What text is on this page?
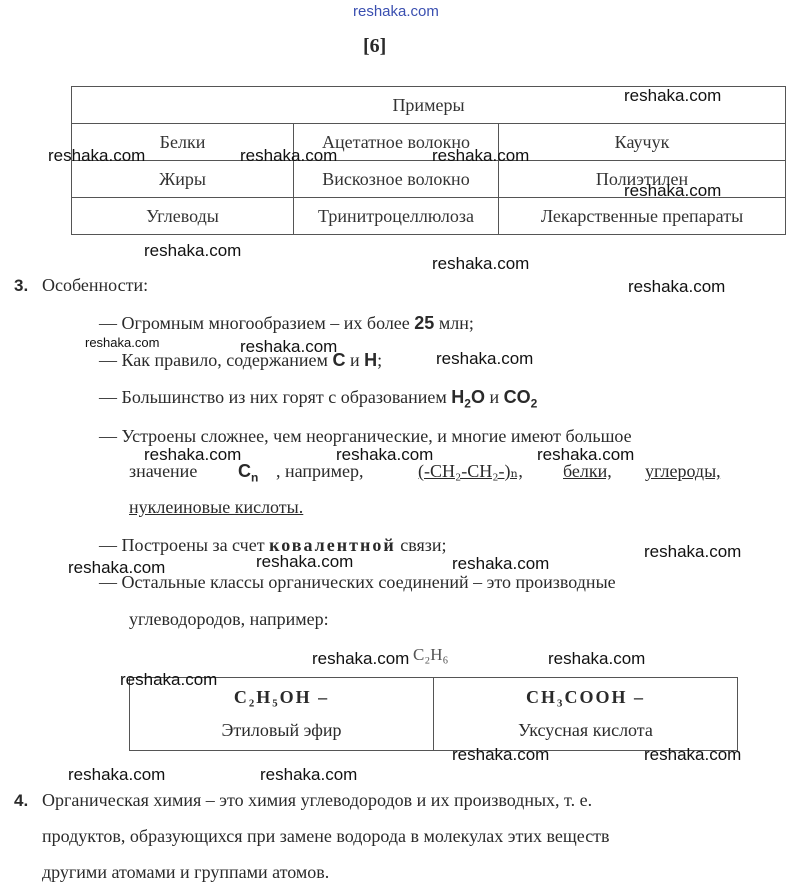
reshaka.com
[6]
Примеры		
Белки	Ацетатное волокно	Каучук
Жиры	Вискозное волокно	Полиэтилен
Углеводы	Тринитроцеллюлоза	Лекарственные препараты
3. Особенности:
— Огромным многообразием – их более 25 млн;
— Как правило, содержанием C и H;
— Большинство из них горят с образованием $H_2O$ и $CO_2$
— Устроены сложнее, чем неорганические, и многие имеют большое
значение $C_n$ , например,	(-CH₂-CH₂-)ₙ, белки, углероды,
нуклеиновые кислоты.
— Построены за счет ковалентной связи;
— Остальные классы органических соединений – это производные
углеводородов, например:
C₂H₆
C₂H₅OH –
Этиловый эфир	
CH₃COOH –
Уксусная кислота
4. Органическая химия – это химия углеводородов и их производных, т. е.
продуктов, образующихся при замене водорода в молекулах этих веществ
другими атомами и группами атомов.
reshaka.com
reshaka.com	reshaka.com	reshaka.com
reshaka.com
reshaka.com
reshaka.com
reshaka.com
reshaka.com	reshaka.com
reshaka.com
reshaka.com	reshaka.com	reshaka.com
reshaka.com
reshaka.com	reshaka.com	reshaka.com
reshaka.com	reshaka.com
reshaka.com
reshaka.com	reshaka.com
reshaka.com	reshaka.com
